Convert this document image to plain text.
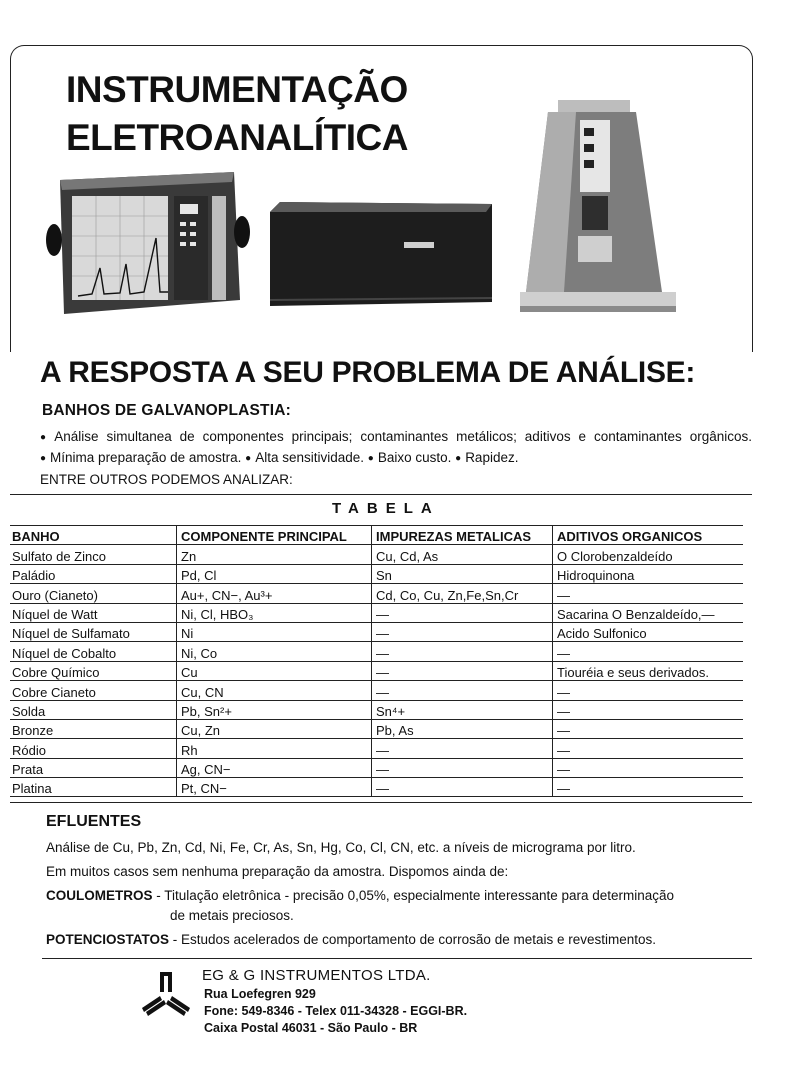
INSTRUMENTAÇÃO
ELETROANALÍTICA
A RESPOSTA A SEU PROBLEMA DE ANÁLISE:
BANHOS DE GALVANOPLASTIA:

● Análise simultanea de componentes principais; contaminantes metálicos; aditivos e contaminantes orgânicos. ● Mínima preparação de amostra. ● Alta sensitividade. ● Baixo custo. ● Rapidez.

ENTRE OUTROS PODEMOS ANALIZAR:

TABELA
BANHO	COMPONENTE PRINCIPAL	IMPUREZAS METALICAS	ADITIVOS ORGANICOS
Sulfato de Zinco	Zn	Cu, Cd, As	O Clorobenzaldeído
Paládio	Pd, Cl	Sn	Hidroquinona
Ouro (Cianeto)	Au+, CN−, Au³+	Cd, Co, Cu, Zn,Fe,Sn,Cr	—
Níquel de Watt	Ni, Cl, HBO₃	—	Sacarina O Benzaldeído,—
Níquel de Sulfamato	Ni	—	Acido Sulfonico
Níquel de Cobalto	Ni, Co	—	—
Cobre Químico	Cu	—	Tiouréia e seus derivados.
Cobre Cianeto	Cu, CN	—	—
Solda	Pb, Sn²+	Sn⁴+	—
Bronze	Cu, Zn	Pb, As	—
Ródio	Rh	—	—
Prata	Ag, CN−	—	—
Platina	Pt, CN−	—	—
EFLUENTES

Análise de Cu, Pb, Zn, Cd, Ni, Fe, Cr, As, Sn, Hg, Co, Cl, CN, etc. a níveis de micrograma por litro.

Em muitos casos sem nenhuma preparação da amostra. Dispomos ainda de:

COULOMETROS - Titulação eletrônica - precisão 0,05%, especialmente interessante para determinação

de metais preciosos.

POTENCIOSTATOS - Estudos acelerados de comportamento de corrosão de metais e revestimentos.

EG & G INSTRUMENTOS LTDA.

Rua Loefegren 929

Fone: 549-8346 - Telex 011-34328 - EGGI-BR.

Caixa Postal 46031 - São Paulo - BR
